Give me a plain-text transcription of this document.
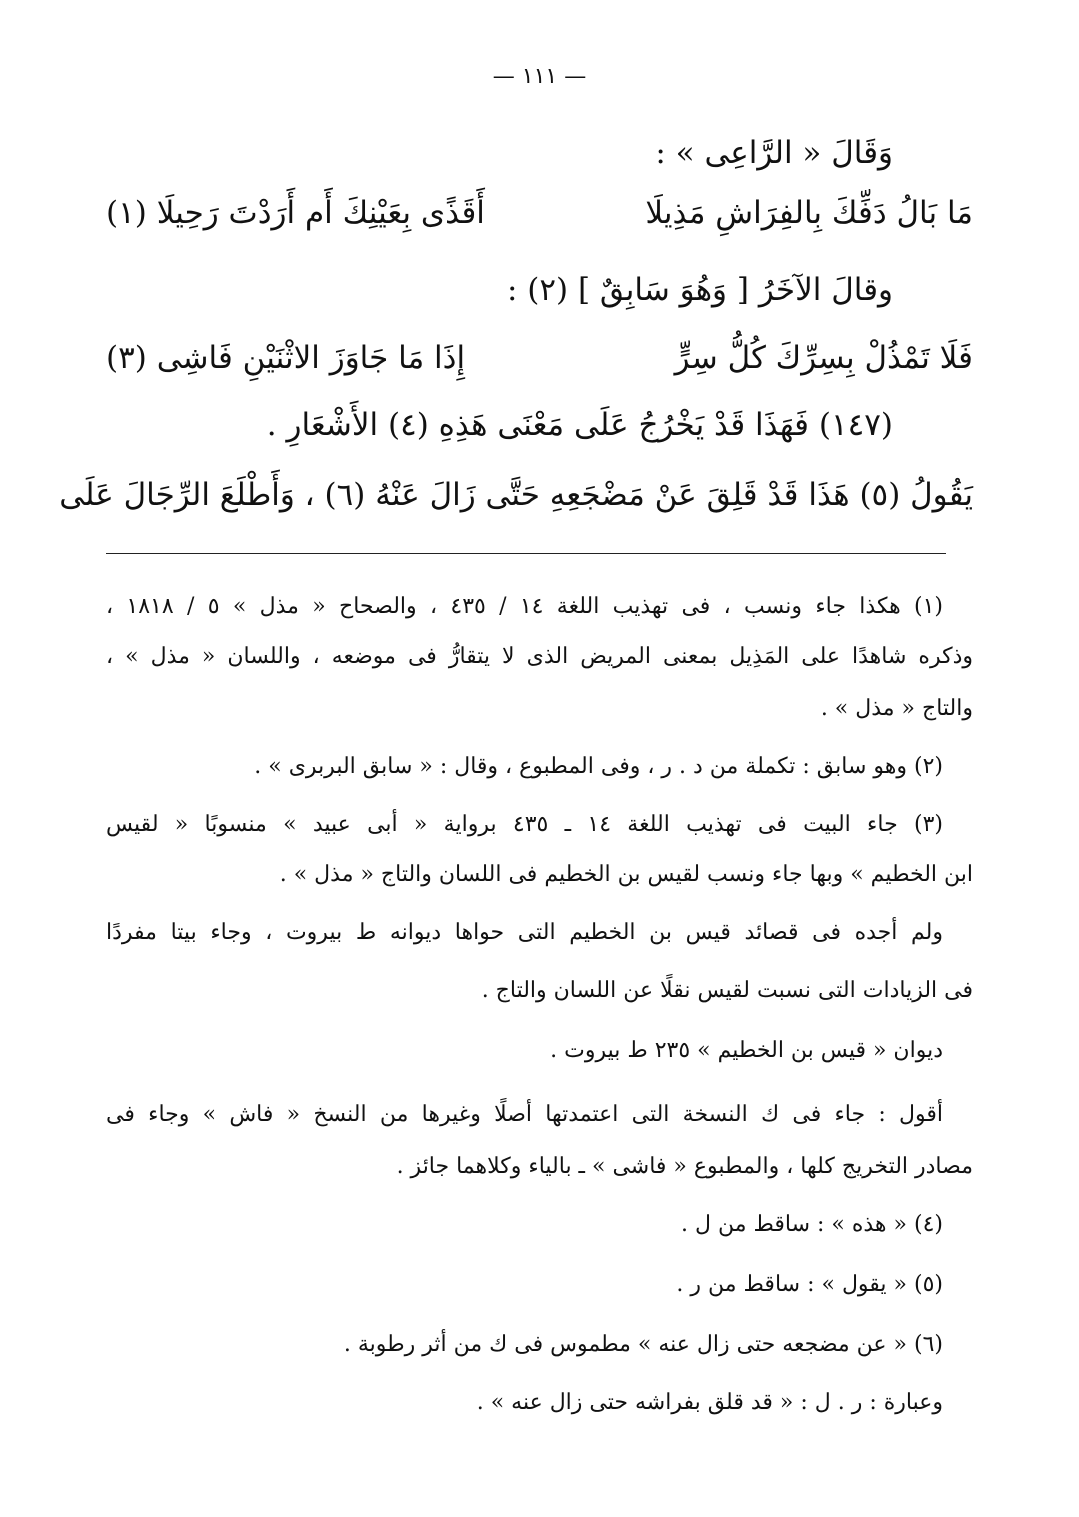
— ١١١ —
وَقَالَ « الرَّاعِى » :
مَا بَالُ دَفِّكَ بِالفِرَاشِ مَذِيلَا
أَقَذًى بِعَيْنِكَ أَم أَرَدْتَ رَحِيلَا (١)
وقالَ الآخَرُ [ وَهُوَ سَابِقٌ ] (٢) :
فَلَا تَمْذُلْ بِسِرِّكَ كُلُّ سِرٍّ
إِذَا مَا جَاوَزَ الاثْنَيْنِ فَاشِى (٣)
(١٤٧) فَهَذَا قَدْ يَخْرُجُ عَلَى مَعْنَى هَذِهِ (٤) الأَشْعَارِ .
يَقُولُ (٥) هَذَا قَدْ قَلِقَ عَنْ مَضْجَعِهِ حَتَّى زَالَ عَنْهُ (٦) ، وَأَطْلَعَ الرِّجَالَ عَلَى
(١) هكذا جاء ونسب ، فى تهذيب اللغة ١٤ / ٤٣٥ ، والصحاح « مذل » ٥ / ١٨١٨ ،
وذكره شاهدًا على المَذِيل بمعنى المريض الذى لا يتقارُّ فى موضعه ، واللسان « مذل » ،
والتاج « مذل » .
(٢) وهو سابق : تكملة من د . ر ، وفى المطبوع ، وقال : « سابق البربرى » .
(٣) جاء البيت فى تهذيب اللغة ١٤ ـ ٤٣٥ برواية « أبى عبيد » منسوبًا « لقيس
ابن الخطيم » وبها جاء ونسب لقيس بن الخطيم فى اللسان والتاج « مذل » .
ولم أجده فى قصائد قيس بن الخطيم التى حواها ديوانه ط بيروت ، وجاء بيتا مفردًا
فى الزيادات التى نسبت لقيس نقلًا عن اللسان والتاج .
ديوان « قيس بن الخطيم » ٢٣٥ ط بيروت .
أقول : جاء فى ك النسخة التى اعتمدتها أصلًا وغيرها من النسخ « فاش » وجاء فى
مصادر التخريج كلها ، والمطبوع « فاشى » ـ بالياء وكلاهما جائز .
(٤) « هذه » : ساقط من ل .
(٥) « يقول » : ساقط من ر .
(٦) « عن مضجعه حتى زال عنه » مطموس فى ك من أثر رطوبة .
وعبارة : ر . ل : « قد قلق بفراشه حتى زال عنه » .
